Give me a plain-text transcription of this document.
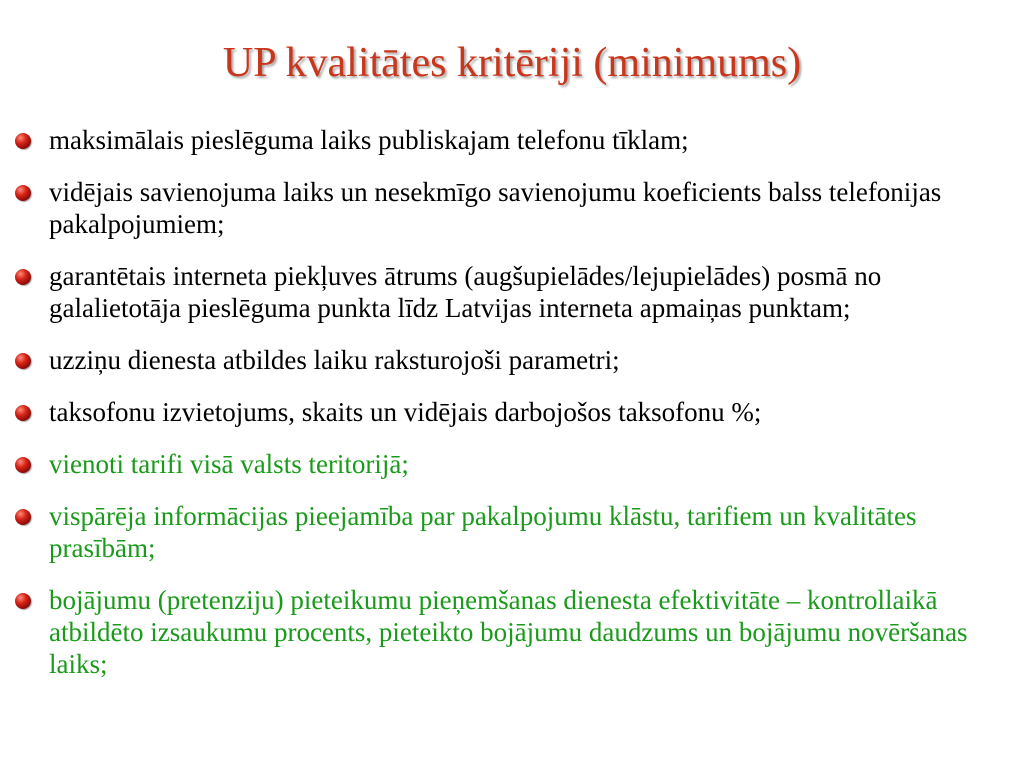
UP kvalitātes kritēriji (minimums)
maksimālais pieslēguma laiks publiskajam telefonu tīklam;
vidējais savienojuma laiks un nesekmīgo savienojumu koeficients balss telefonijas pakalpojumiem;
garantētais interneta piekļuves ātrums (augšupielādes/lejupielādes) posmā no galalietotāja pieslēguma punkta līdz Latvijas interneta apmaiņas punktam;
uzziņu dienesta atbildes laiku raksturojoši parametri;
taksofonu izvietojums, skaits un vidējais darbojošos taksofonu %;
vienoti tarifi visā valsts teritorijā;
vispārēja informācijas pieejamība par pakalpojumu klāstu, tarifiem un kvalitātes prasībām;
bojājumu (pretenziju) pieteikumu pieņemšanas dienesta efektivitāte – kontrollaikā atbildēto izsaukumu procents, pieteikto bojājumu daudzums un bojājumu novēršanas laiks;
